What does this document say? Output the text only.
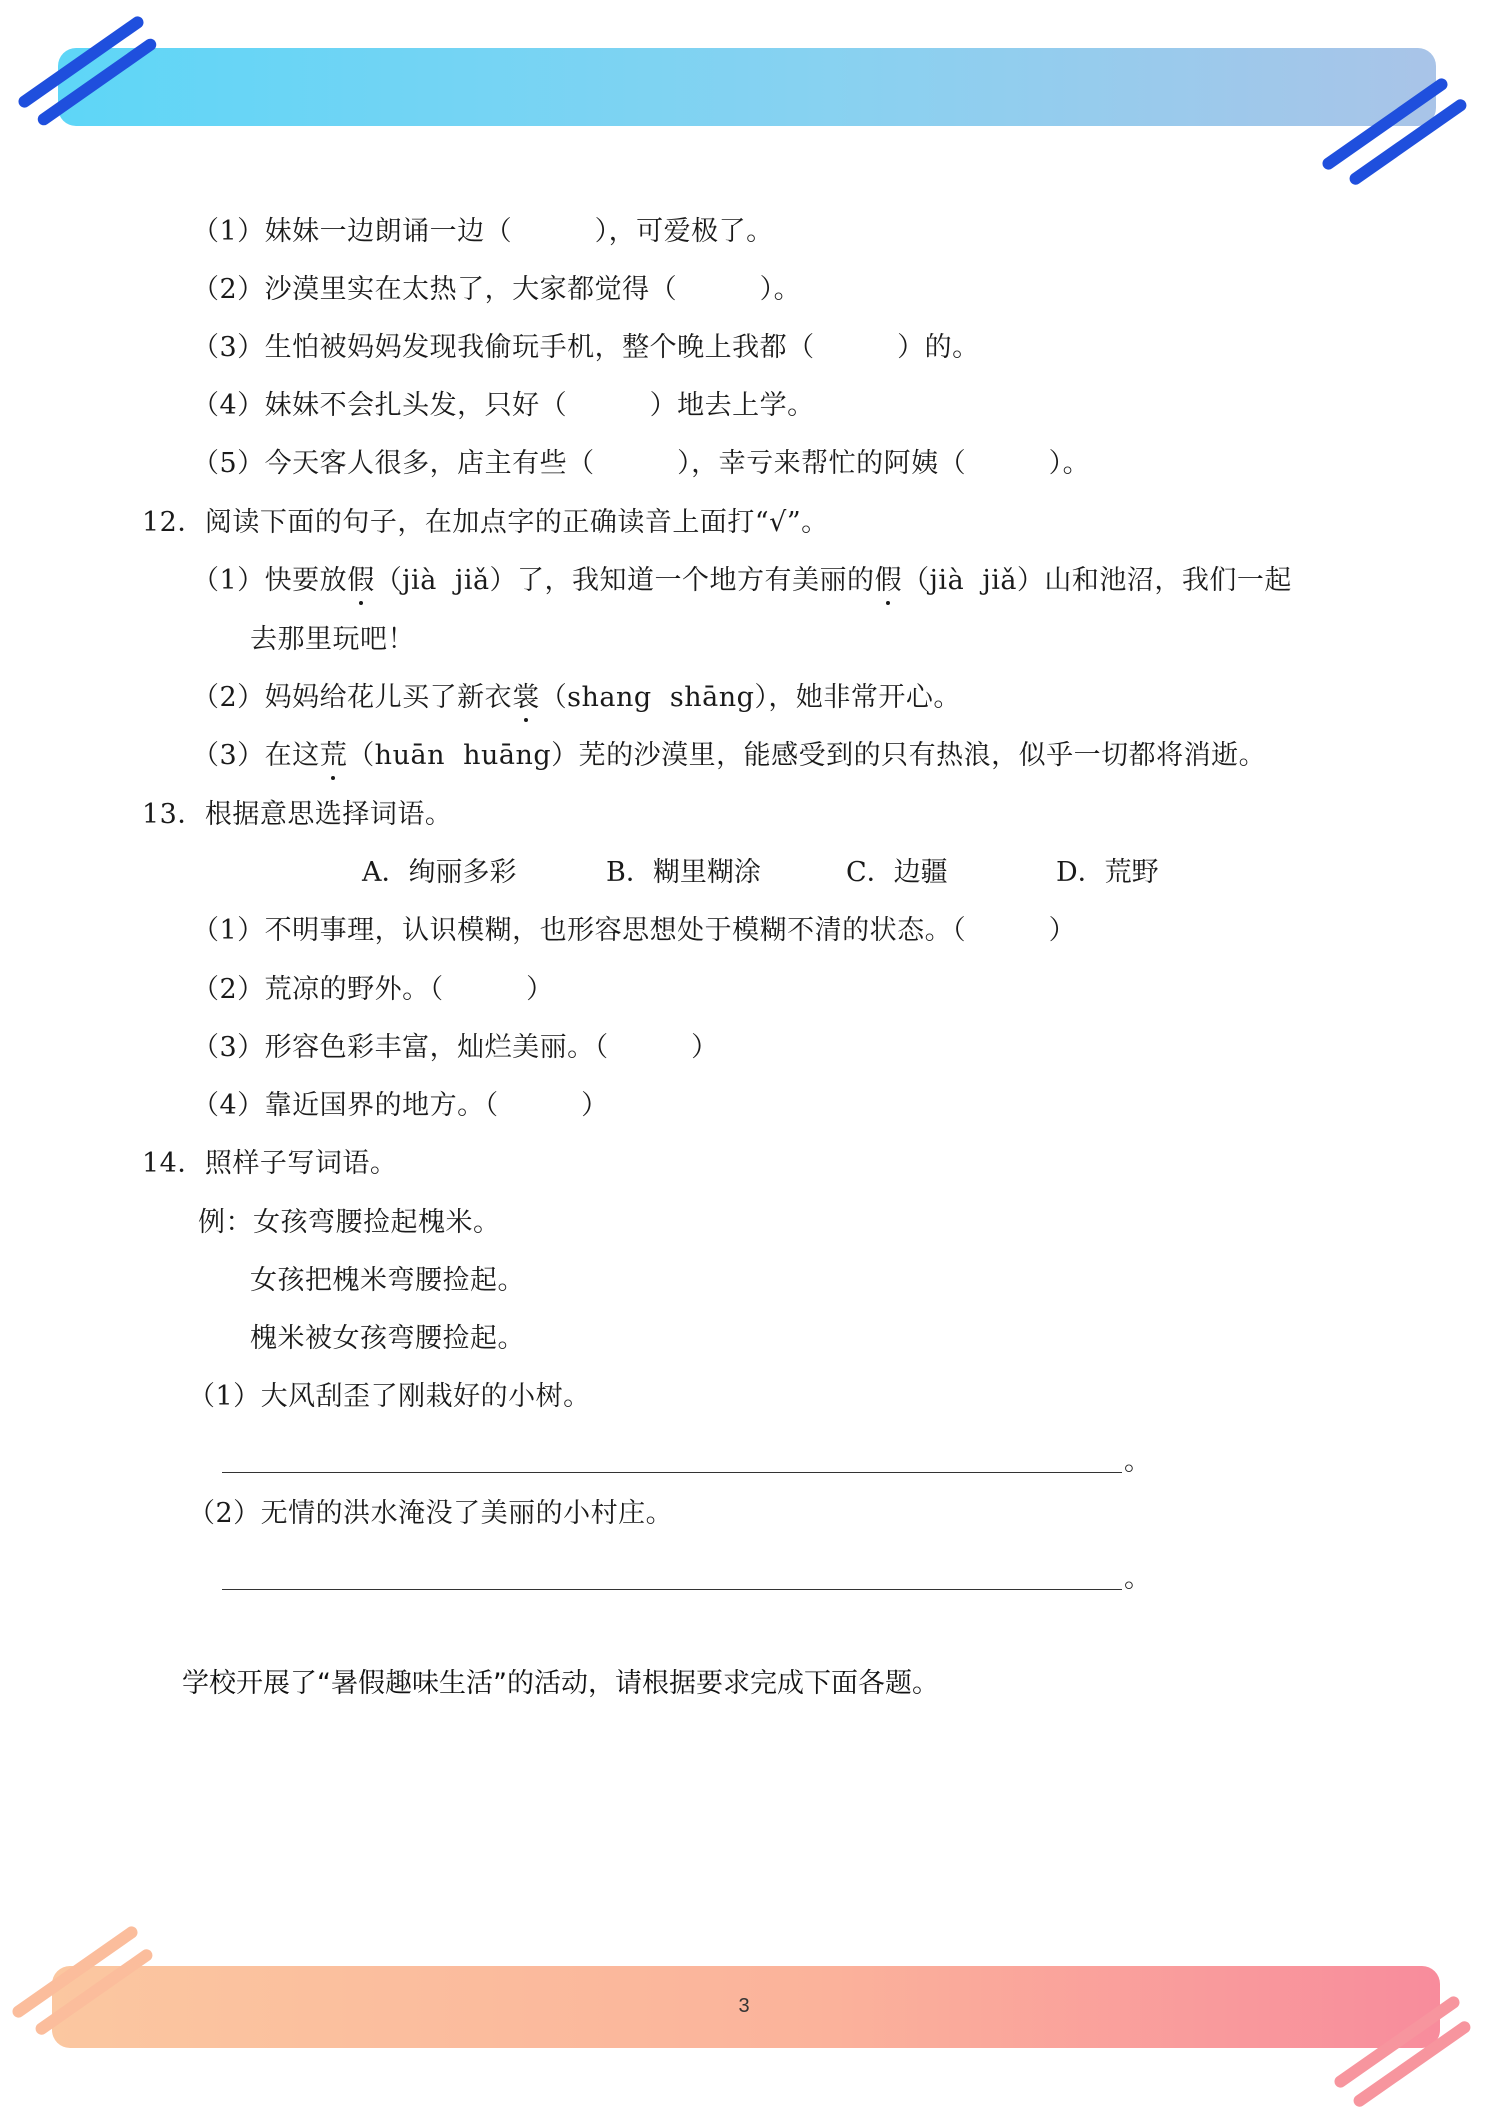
（1）妹妹一边朗诵一边（　　　），可爱极了。
（2）沙漠里实在太热了，大家都觉得（　　　）。
（3）生怕被妈妈发现我偷玩手机，整个晚上我都（　　　）的。
（4）妹妹不会扎头发，只好（　　　）地去上学。
（5）今天客人很多，店主有些（　　　），幸亏来帮忙的阿姨（　　　）。
12．阅读下面的句子，在加点字的正确读音上面打“√”。
（1）快要放假（jià  jiǎ）了，我知道一个地方有美丽的假（jià  jiǎ）山和池沼，我们一起
去那里玩吧！
（2）妈妈给花儿买了新衣裳（shang  shāng），她非常开心。
（3）在这荒（huān  huāng）芜的沙漠里，能感受到的只有热浪，似乎一切都将消逝。
13．根据意思选择词语。
A．绚丽多彩	B．糊里糊涂	C．边疆	D．荒野
（1）不明事理，认识模糊，也形容思想处于模糊不清的状态。（　　　）
（2）荒凉的野外。（　　　）
（3）形容色彩丰富，灿烂美丽。（　　　）
（4）靠近国界的地方。（　　　）
14．照样子写词语。
例：女孩弯腰捡起槐米。
女孩把槐米弯腰捡起。
槐米被女孩弯腰捡起。
（1）大风刮歪了刚栽好的小树。
。
（2）无情的洪水淹没了美丽的小村庄。
。
学校开展了“暑假趣味生活”的活动，请根据要求完成下面各题。
3
